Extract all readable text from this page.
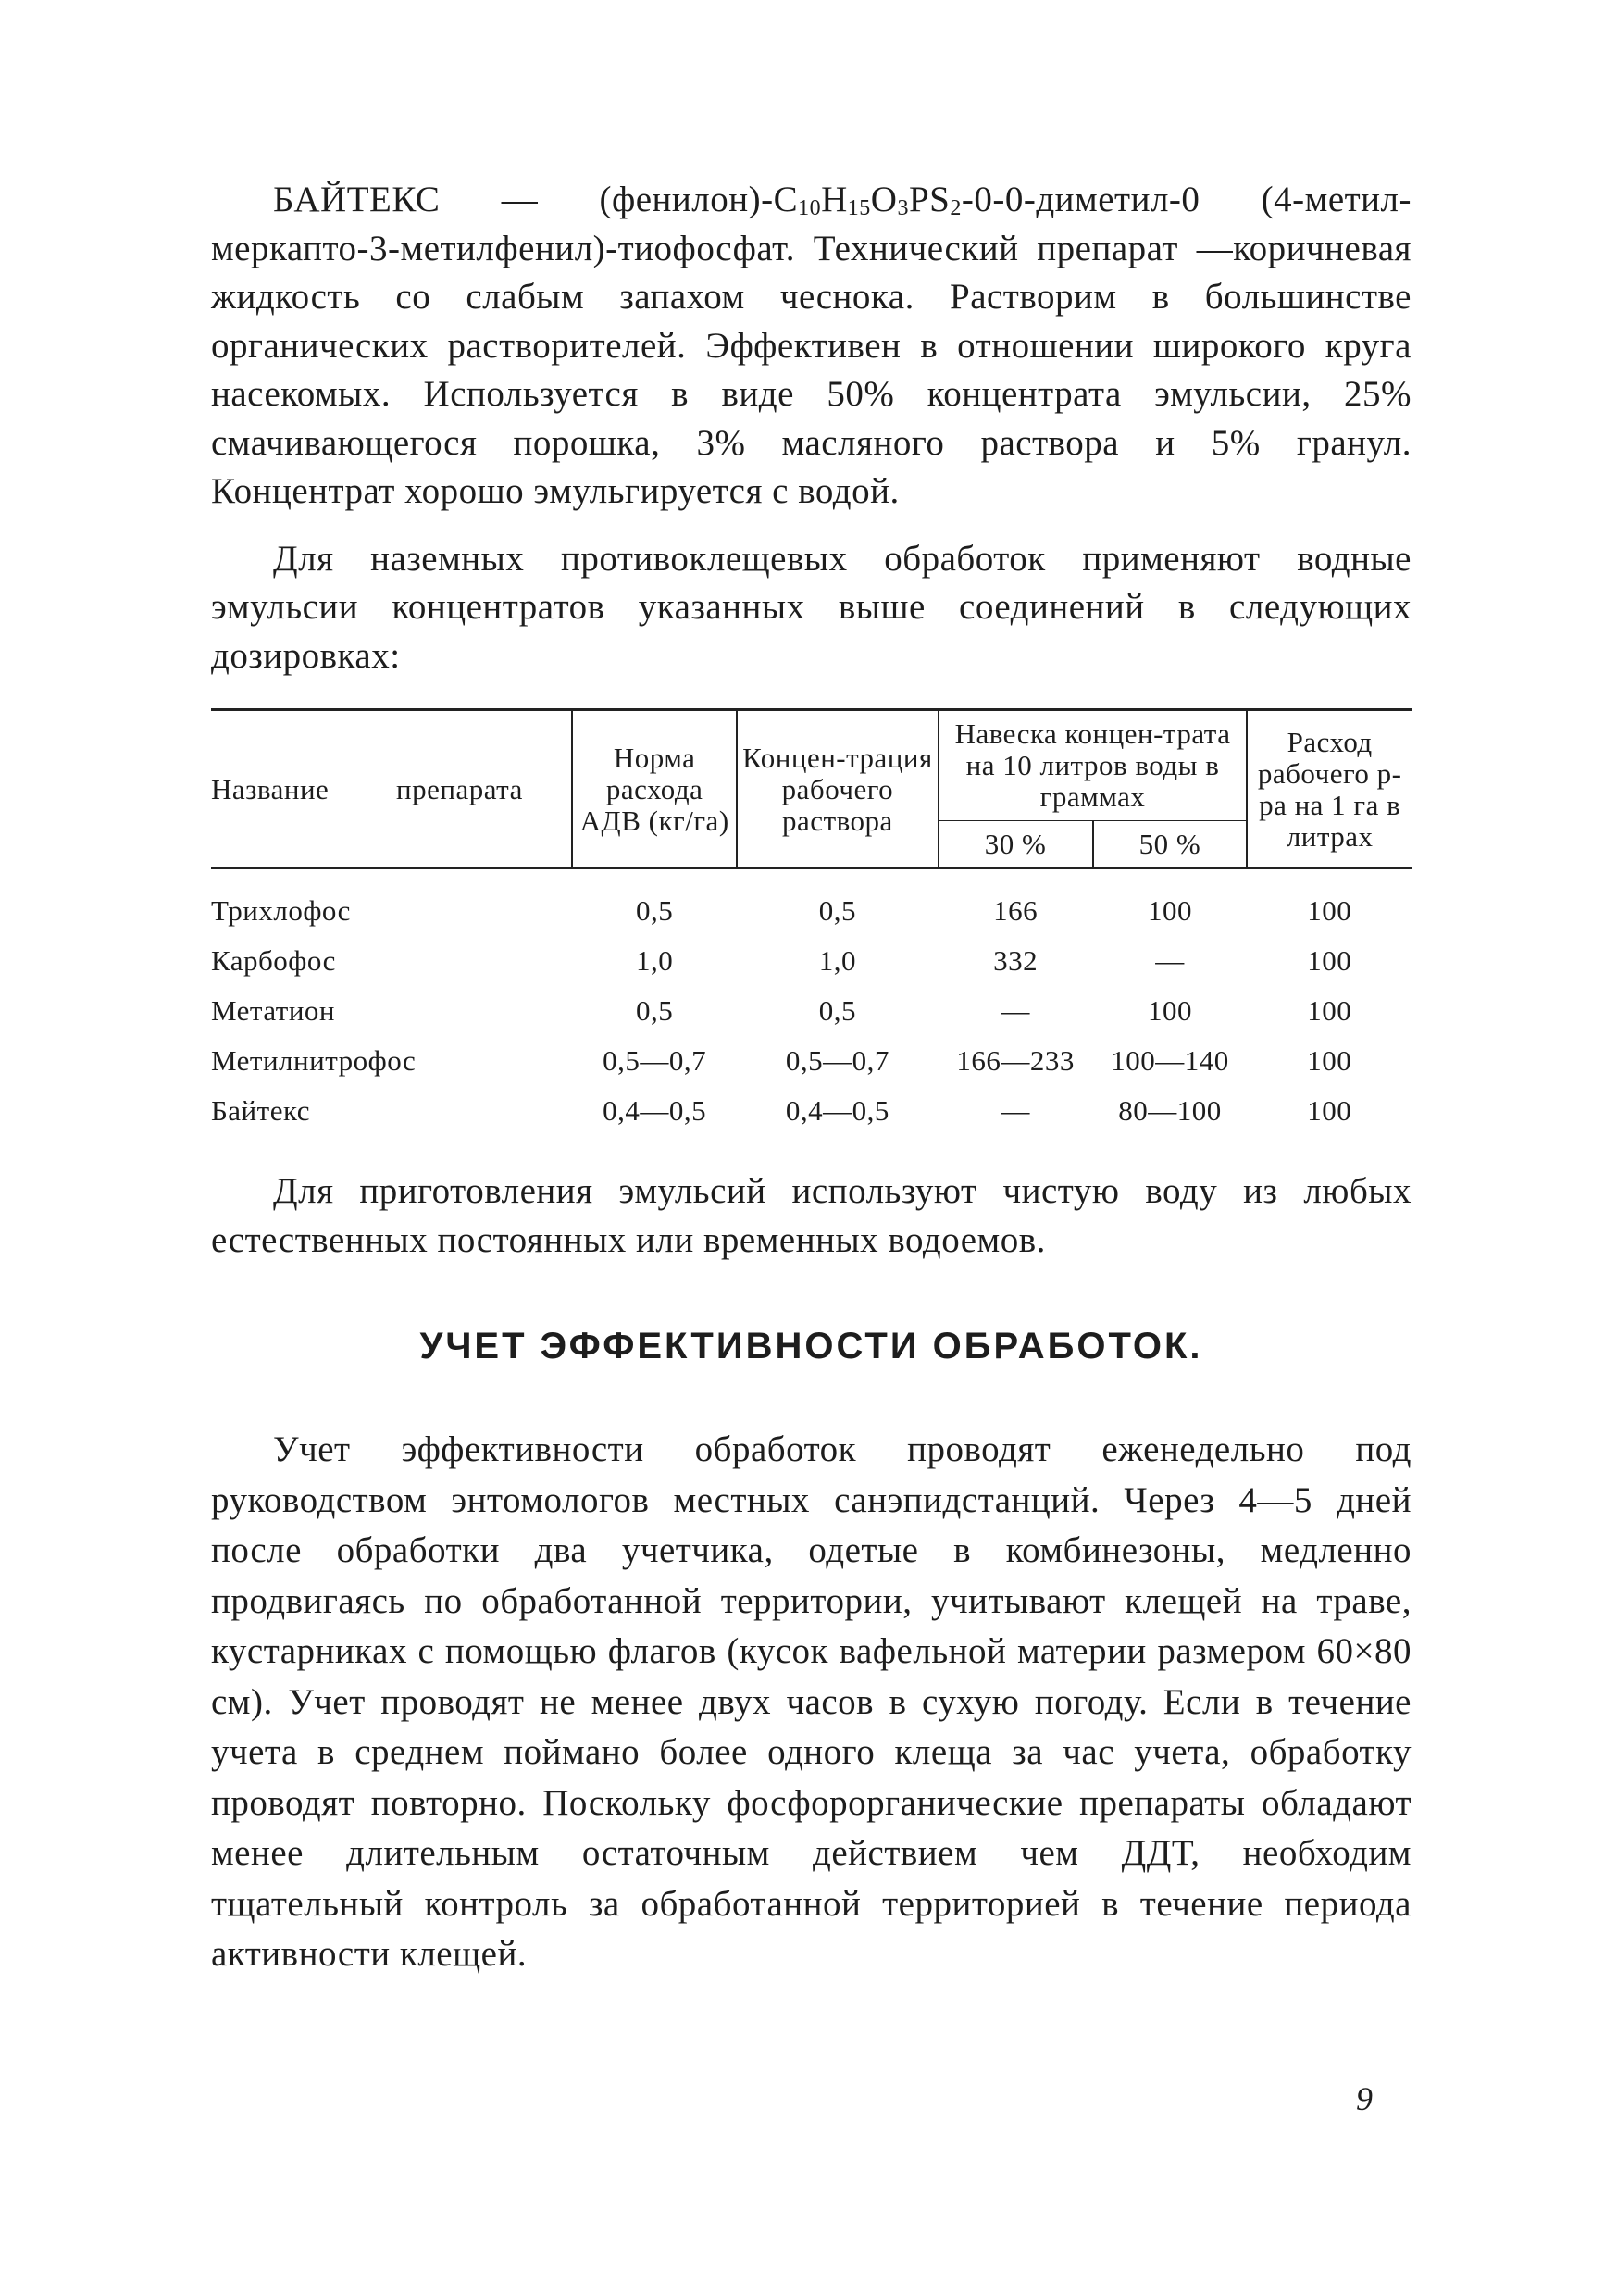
БАЙТЕКС — $(фенилон)-C_{10}H_{15}O_3PS_2-0-0-диметил-0$ (4-метил-меркапто-3-метилфенил)-тиофосфат. Технический препарат —коричневая жидкость со слабым запахом чеснока. Растворим в большинстве органических растворителей. Эффективен в отношении широкого круга насекомых. Используется в виде 50% концентрата эмульсии, 25% смачивающегося порошка, 3% масляного раствора и 5% гранул. Концентрат хорошо эмульгируется с водой.

Для наземных противоклещевых обработок применяют водные эмульсии концентратов указанных выше соединений в следующих дозировках:

Название препарата	Норма расхода АДВ (кг/га)	Концен-трация рабочего раствора	Навеска концен-трата на 10 литров воды в граммах		Расход рабочего р-ра на 1 га в литрах
			30 %	50 %	
Трихлофос	0,5	0,5	166	100	100
Карбофос	1,0	1,0	332	—	100
Метатион	0,5	0,5	—	100	100
Метилнитрофос	0,5—0,7	0,5—0,7	166—233	100—140	100
Байтекс	0,4—0,5	0,4—0,5	—	80—100	100

Для приготовления эмульсий используют чистую воду из любых естественных постоянных или временных водоемов.

УЧЕТ ЭФФЕКТИВНОСТИ ОБРАБОТОК.

Учет эффективности обработок проводят еженедельно под руководством энтомологов местных санэпидстанций. Через 4—5 дней после обработки два учетчика, одетые в комбинезоны, медленно продвигаясь по обработанной территории, учитывают клещей на траве, кустарниках с помощью флагов (кусок вафельной материи размером 60×80 см). Учет проводят не менее двух часов в сухую погоду. Если в течение учета в среднем поймано более одного клеща за час учета, обработку проводят повторно. Поскольку фосфорорганические препараты обладают менее длительным остаточным действием чем ДДТ, необходим тщательный контроль за обработанной территорией в течение периода активности клещей.

9
